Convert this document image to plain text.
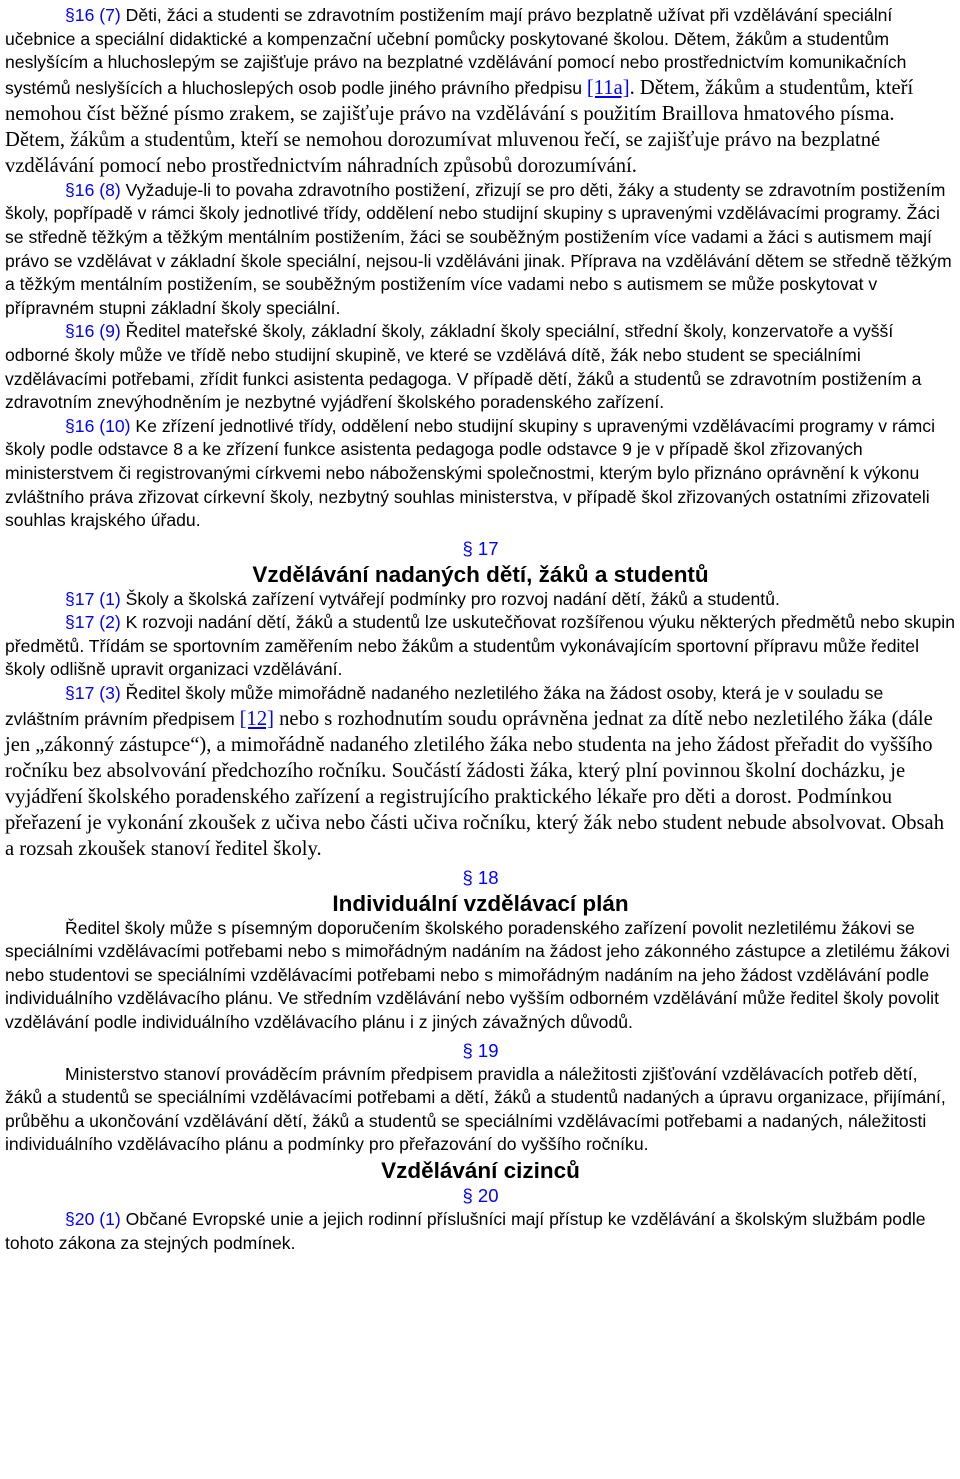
§16 (7) Děti, žáci a studenti se zdravotním postižením mají právo bezplatně užívat při vzdělávání speciální učebnice a speciální didaktické a kompenzační učební pomůcky poskytované školou. Dětem, žákům a studentům neslyšícím a hluchoslepým se zajišťuje právo na bezplatné vzdělávání pomocí nebo prostřednictvím komunikačních systémů neslyšících a hluchoslepých osob podle jiného právního předpisu [11a]. Dětem, žákům a studentům, kteří nemohou číst běžné písmo zrakem, se zajišťuje právo na vzdělávání s použitím Braillova hmatového písma. Dětem, žákům a studentům, kteří se nemohou dorozumívat mluvenou řečí, se zajišťuje právo na bezplatné vzdělávání pomocí nebo prostřednictvím náhradních způsobů dorozumívání.

§16 (8) Vyžaduje-li to povaha zdravotního postižení, zřizují se pro děti, žáky a studenty se zdravotním postižením školy, popřípadě v rámci školy jednotlivé třídy, oddělení nebo studijní skupiny s upravenými vzdělávacími programy. Žáci se středně těžkým a těžkým mentálním postižením, žáci se souběžným postižením více vadami a žáci s autismem mají právo se vzdělávat v základní škole speciální, nejsou-li vzděláváni jinak. Příprava na vzdělávání dětem se středně těžkým a těžkým mentálním postižením, se souběžným postižením více vadami nebo s autismem se může poskytovat v přípravném stupni základní školy speciální.

§16 (9) Ředitel mateřské školy, základní školy, základní školy speciální, střední školy, konzervatoře a vyšší odborné školy může ve třídě nebo studijní skupině, ve které se vzdělává dítě, žák nebo student se speciálními vzdělávacími potřebami, zřídit funkci asistenta pedagoga. V případě dětí, žáků a studentů se zdravotním postižením a zdravotním znevýhodněním je nezbytné vyjádření školského poradenského zařízení.

§16 (10) Ke zřízení jednotlivé třídy, oddělení nebo studijní skupiny s upravenými vzdělávacími programy v rámci školy podle odstavce 8 a ke zřízení funkce asistenta pedagoga podle odstavce 9 je v případě škol zřizovaných ministerstvem či registrovanými církvemi nebo náboženskými společnostmi, kterým bylo přiznáno oprávnění k výkonu zvláštního práva zřizovat církevní školy, nezbytný souhlas ministerstva, v případě škol zřizovaných ostatními zřizovateli souhlas krajského úřadu.

§ 17

Vzdělávání nadaných dětí, žáků a studentů

§17 (1) Školy a školská zařízení vytvářejí podmínky pro rozvoj nadání dětí, žáků a studentů.

§17 (2) K rozvoji nadání dětí, žáků a studentů lze uskutečňovat rozšířenou výuku některých předmětů nebo skupin předmětů. Třídám se sportovním zaměřením nebo žákům a studentům vykonávajícím sportovní přípravu může ředitel školy odlišně upravit organizaci vzdělávání.

§17 (3) Ředitel školy může mimořádně nadaného nezletilého žáka na žádost osoby, která je v souladu se zvláštním právním předpisem [12] nebo s rozhodnutím soudu oprávněna jednat za dítě nebo nezletilého žáka (dále jen „zákonný zástupce“), a mimořádně nadaného zletilého žáka nebo studenta na jeho žádost přeřadit do vyššího ročníku bez absolvování předchozího ročníku. Součástí žádosti žáka, který plní povinnou školní docházku, je vyjádření školského poradenského zařízení a registrujícího praktického lékaře pro děti a dorost. Podmínkou přeřazení je vykonání zkoušek z učiva nebo části učiva ročníku, který žák nebo student nebude absolvovat. Obsah a rozsah zkoušek stanoví ředitel školy.

§ 18

Individuální vzdělávací plán

Ředitel školy může s písemným doporučením školského poradenského zařízení povolit nezletilému žákovi se speciálními vzdělávacími potřebami nebo s mimořádným nadáním na žádost jeho zákonného zástupce a zletilému žákovi nebo studentovi se speciálními vzdělávacími potřebami nebo s mimořádným nadáním na jeho žádost vzdělávání podle individuálního vzdělávacího plánu. Ve středním vzdělávání nebo vyšším odborném vzdělávání může ředitel školy povolit vzdělávání podle individuálního vzdělávacího plánu i z jiných závažných důvodů.

§ 19

Ministerstvo stanoví prováděcím právním předpisem pravidla a náležitosti zjišťování vzdělávacích potřeb dětí, žáků a studentů se speciálními vzdělávacími potřebami a dětí, žáků a studentů nadaných a úpravu organizace, přijímání, průběhu a ukončování vzdělávání dětí, žáků a studentů se speciálními vzdělávacími potřebami a nadaných, náležitosti individuálního vzdělávacího plánu a podmínky pro přeřazování do vyššího ročníku.

Vzdělávání cizinců

§ 20

§20 (1) Občané Evropské unie a jejich rodinní příslušníci mají přístup ke vzdělávání a školským službám podle tohoto zákona za stejných podmínek.
